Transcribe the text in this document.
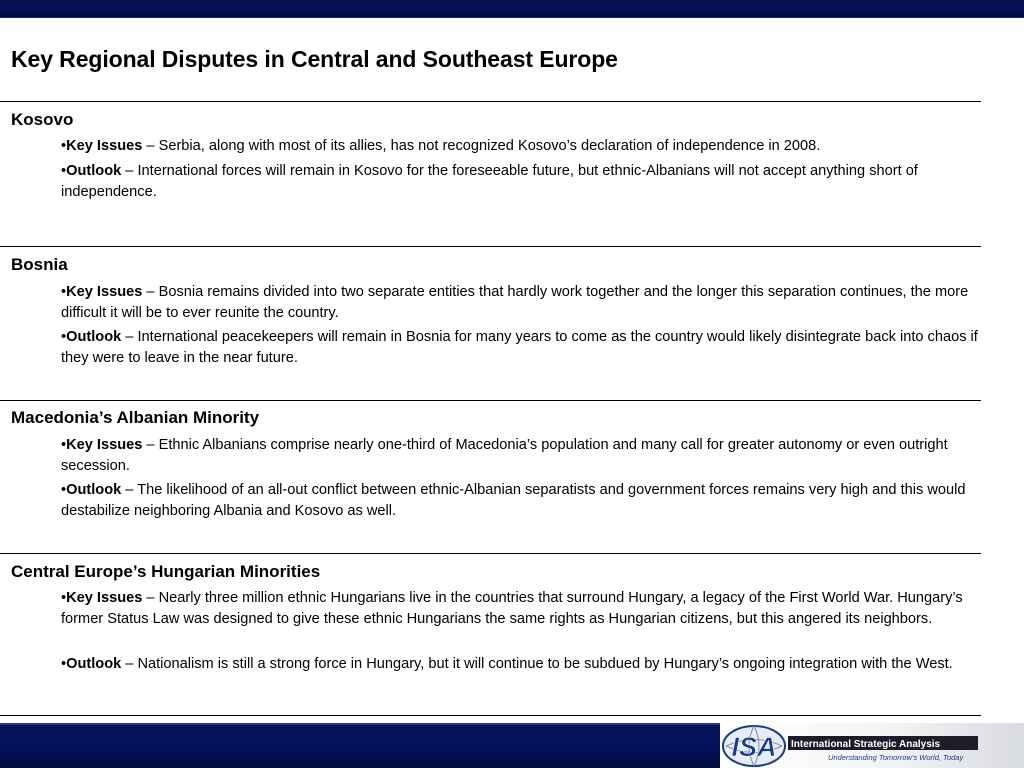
Key Regional Disputes in Central and Southeast Europe
Kosovo

•Key Issues – Serbia, along with most of its allies, has not recognized Kosovo’s declaration of independence in 2008.

•Outlook – International forces will remain in Kosovo for the foreseeable future, but ethnic-Albanians will not accept anything short of independence.

Bosnia

•Key Issues – Bosnia remains divided into two separate entities that hardly work together and the longer this separation continues, the more difficult it will be to ever reunite the country.

•Outlook – International peacekeepers will remain in Bosnia for many years to come as the country would likely disintegrate back into chaos if they were to leave in the near future.

Macedonia’s Albanian Minority

•Key Issues – Ethnic Albanians comprise nearly one-third of Macedonia’s population and many call for greater autonomy or even outright secession.

•Outlook – The likelihood of an all-out conflict between ethnic-Albanian separatists and government forces remains very high and this would destabilize neighboring Albania and Kosovo as well.

Central Europe’s Hungarian Minorities

•Key Issues – Nearly three million ethnic Hungarians live in the countries that surround Hungary, a legacy of the First World War. Hungary’s former Status Law was designed to give these ethnic Hungarians the same rights as Hungarian citizens, but this angered its neighbors.

•Outlook – Nationalism is still a strong force in Hungary, but it will continue to be subdued by Hungary’s ongoing integration with the West.

ISA International Strategic Analysis
Understanding Tomorrow’s World, Today
